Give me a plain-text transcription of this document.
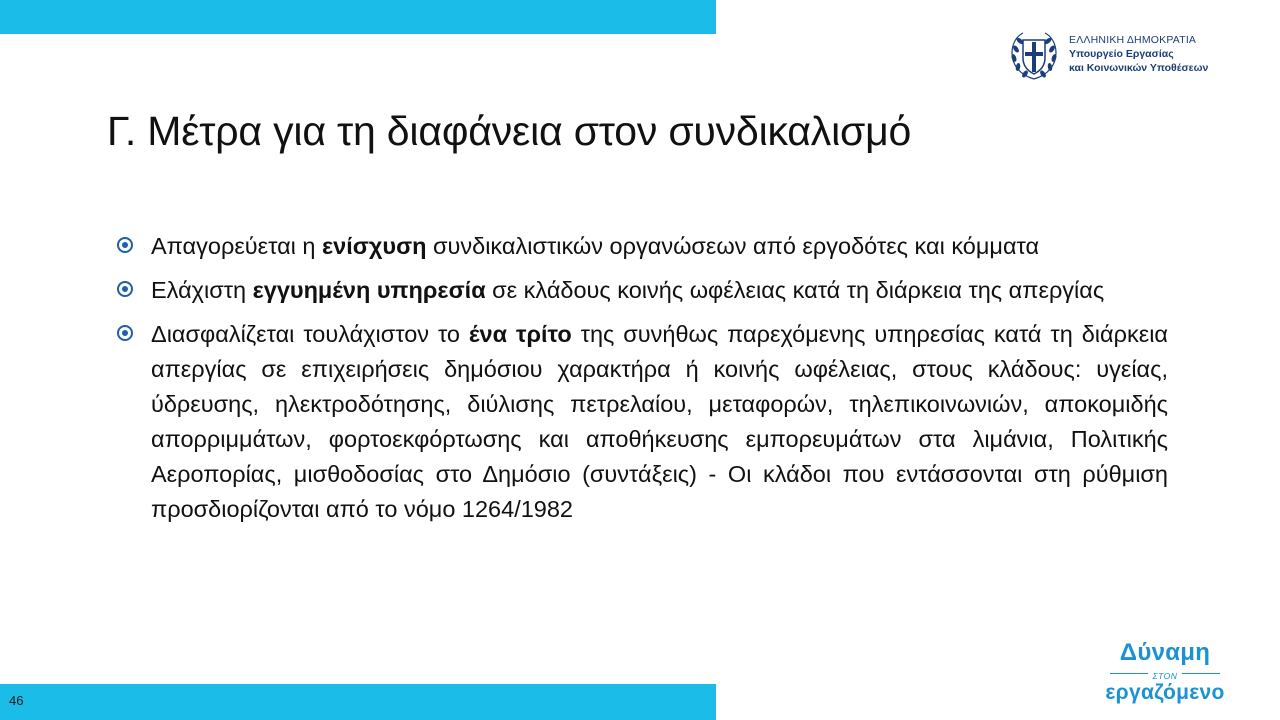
ΕΛΛΗΝΙΚΗ ΔΗΜΟΚΡΑΤΙΑ
Υπουργείο Εργασίας
και Κοινωνικών Υποθέσεων
Γ. Μέτρα για τη διαφάνεια στον συνδικαλισμό
Απαγορεύεται η ενίσχυση συνδικαλιστικών οργανώσεων από εργοδότες και κόμματα
Ελάχιστη εγγυημένη υπηρεσία σε κλάδους κοινής ωφέλειας κατά τη διάρκεια της απεργίας
Διασφαλίζεται τουλάχιστον το ένα τρίτο της συνήθως παρεχόμενης υπηρεσίας κατά τη διάρκεια απεργίας σε επιχειρήσεις δημόσιου χαρακτήρα ή κοινής ωφέλειας, στους κλάδους: υγείας, ύδρευσης, ηλεκτροδότησης, διύλισης πετρελαίου, μεταφορών, τηλεπικοινωνιών, αποκομιδής απορριμμάτων, φορτοεκφόρτωσης και αποθήκευσης εμπορευμάτων στα λιμάνια, Πολιτικής Αεροπορίας, μισθοδοσίας στο Δημόσιο (συντάξεις) - Οι κλάδοι που εντάσσονται στη ρύθμιση προσδιορίζονται από το νόμο 1264/1982
46
Δύναμη
ΣΤΟΝ
εργαζόμενο
